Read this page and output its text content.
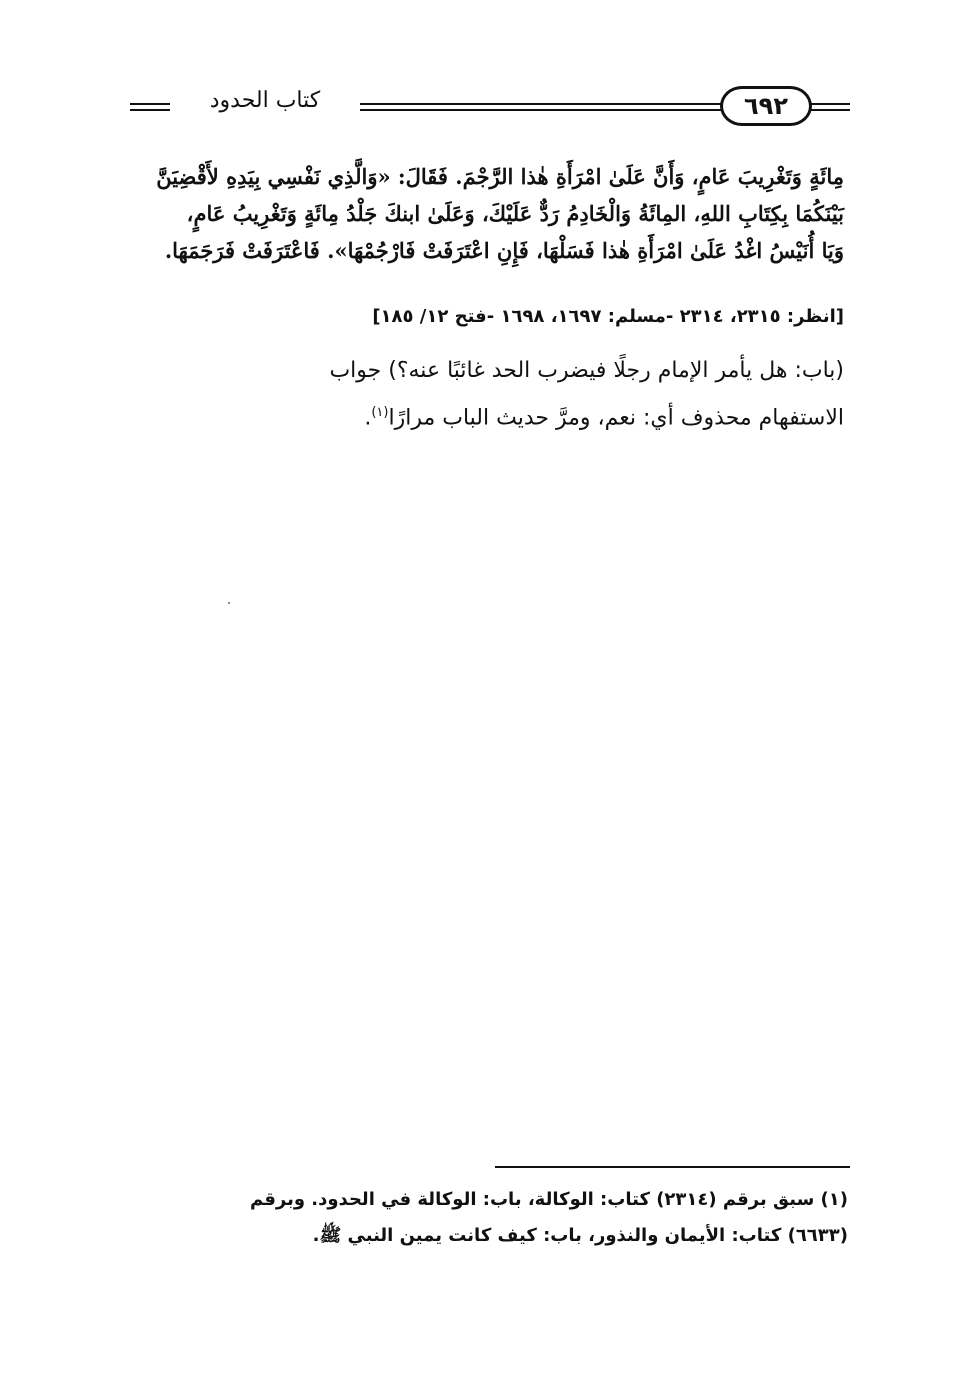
كتاب الحدود	٦٩٢

مِائَةٍ وَتَغْرِيبَ عَامٍ، وَأَنَّ عَلَىٰ امْرَأَةِ هٰذا الرَّجْمَ. فَقَالَ: «وَالَّذِي نَفْسِي بِيَدِهِ لأَقْضِيَنَّ

بَيْنَكُمَا بِكِتَابِ اللهِ، المِائَةُ وَالْخَادِمُ رَدٌّ عَلَيْكَ، وَعَلَىٰ ابنكَ جَلْدُ مِائَةٍ وَتَغْرِيبُ عَامٍ،

وَيَا أُنَيْسُ اغْدُ عَلَىٰ امْرَأَةِ هٰذا فَسَلْهَا، فَإِنِ اعْتَرَفَتْ فَارْجُمْهَا». فَاعْتَرَفَتْ فَرَجَمَهَا.

[انظر: ٢٣١٥، ٢٣١٤ -مسلم: ١٦٩٧، ١٦٩٨ -فتح ١٢/ ١٨٥]

(باب: هل يأمر الإمام رجلًا فيضرب الحد غائبًا عنه؟) جواب

الاستفهام محذوف أي: نعم، ومرَّ حديث الباب مرارًا$^{(١)}$.

(١) سبق برقم (٢٣١٤) كتاب: الوكالة، باب: الوكالة في الحدود. وبرقم

(٦٦٣٣) كتاب: الأيمان والنذور، باب: كيف كانت يمين النبي ﷺ.
